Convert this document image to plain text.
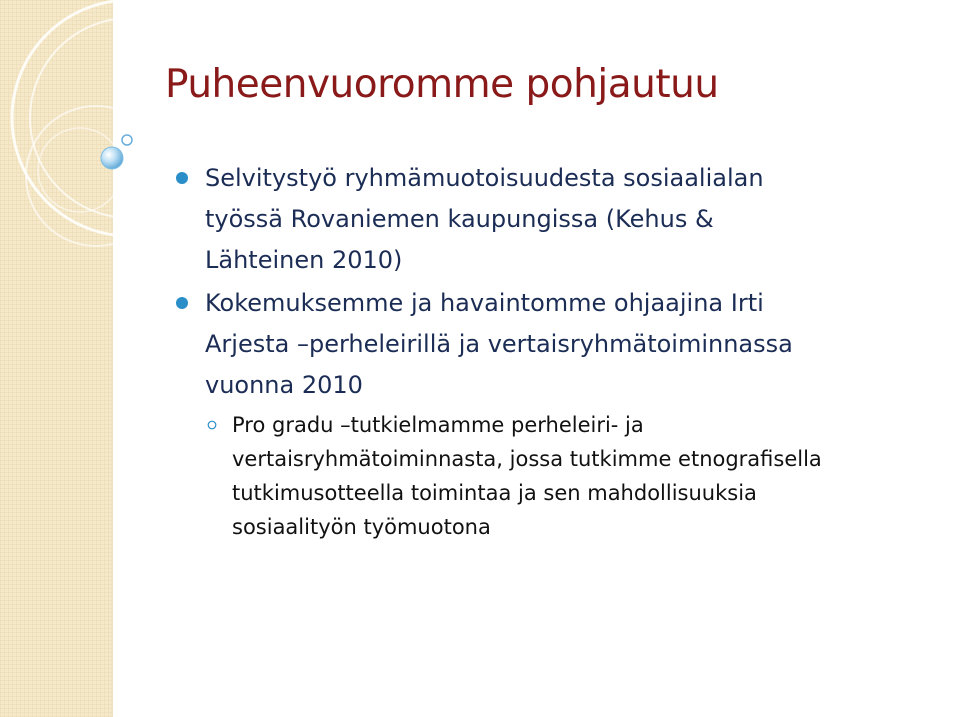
Puheenvuoromme pohjautuu
Selvitystyö ryhmämuotoisuudesta sosiaalialan
työssä Rovaniemen kaupungissa (Kehus &
Lähteinen 2010)
Kokemuksemme ja havaintomme ohjaajina Irti
Arjesta –perheleirillä ja vertaisryhmätoiminnassa
vuonna 2010
Pro gradu –tutkielmamme perheleiri- ja
vertaisryhmätoiminnasta, jossa tutkimme etnografisella
tutkimusotteella toimintaa ja sen mahdollisuuksia
sosiaalityön työmuotona
